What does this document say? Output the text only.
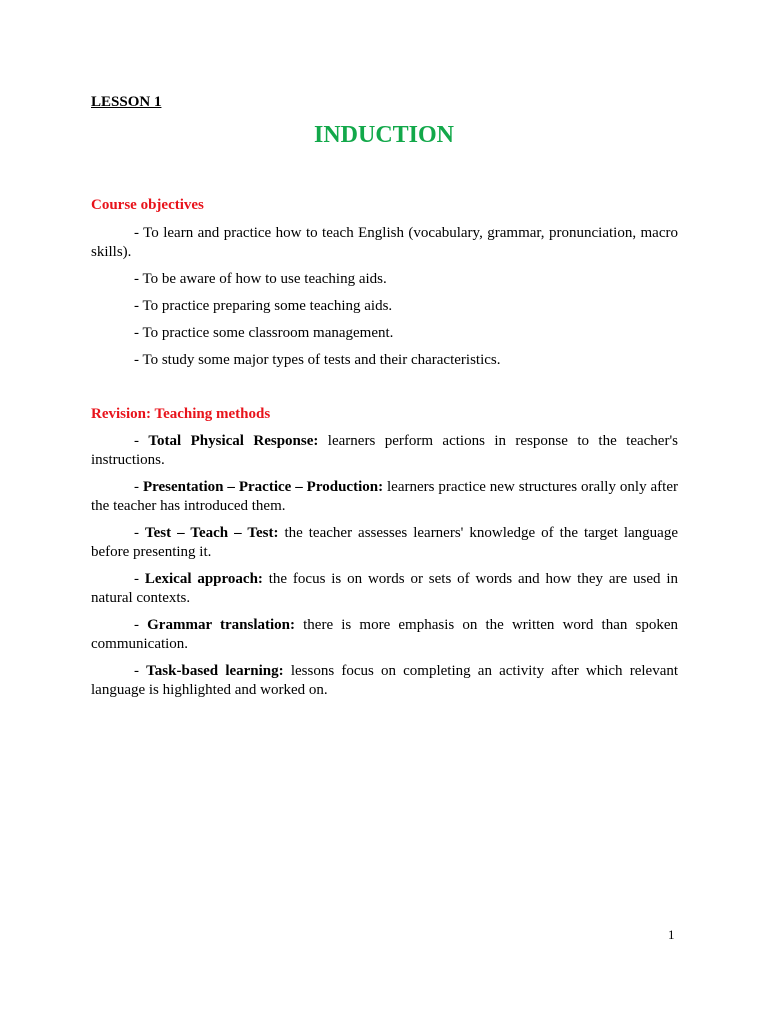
LESSON 1
INDUCTION
Course objectives
- To learn and practice how to teach English (vocabulary, grammar, pronunciation, macro skills).
- To be aware of how to use teaching aids.
- To practice preparing some teaching aids.
- To practice some classroom management.
- To study some major types of tests and their characteristics.
Revision: Teaching methods
- Total Physical Response: learners perform actions in response to the teacher's instructions.
- Presentation – Practice – Production: learners practice new structures orally only after the teacher has introduced them.
- Test – Teach – Test: the teacher assesses learners' knowledge of the target language before presenting it.
- Lexical approach: the focus is on words or sets of words and how they are used in natural contexts.
- Grammar translation: there is more emphasis on the written word than spoken communication.
- Task-based learning: lessons focus on completing an activity after which relevant language is highlighted and worked on.
1
